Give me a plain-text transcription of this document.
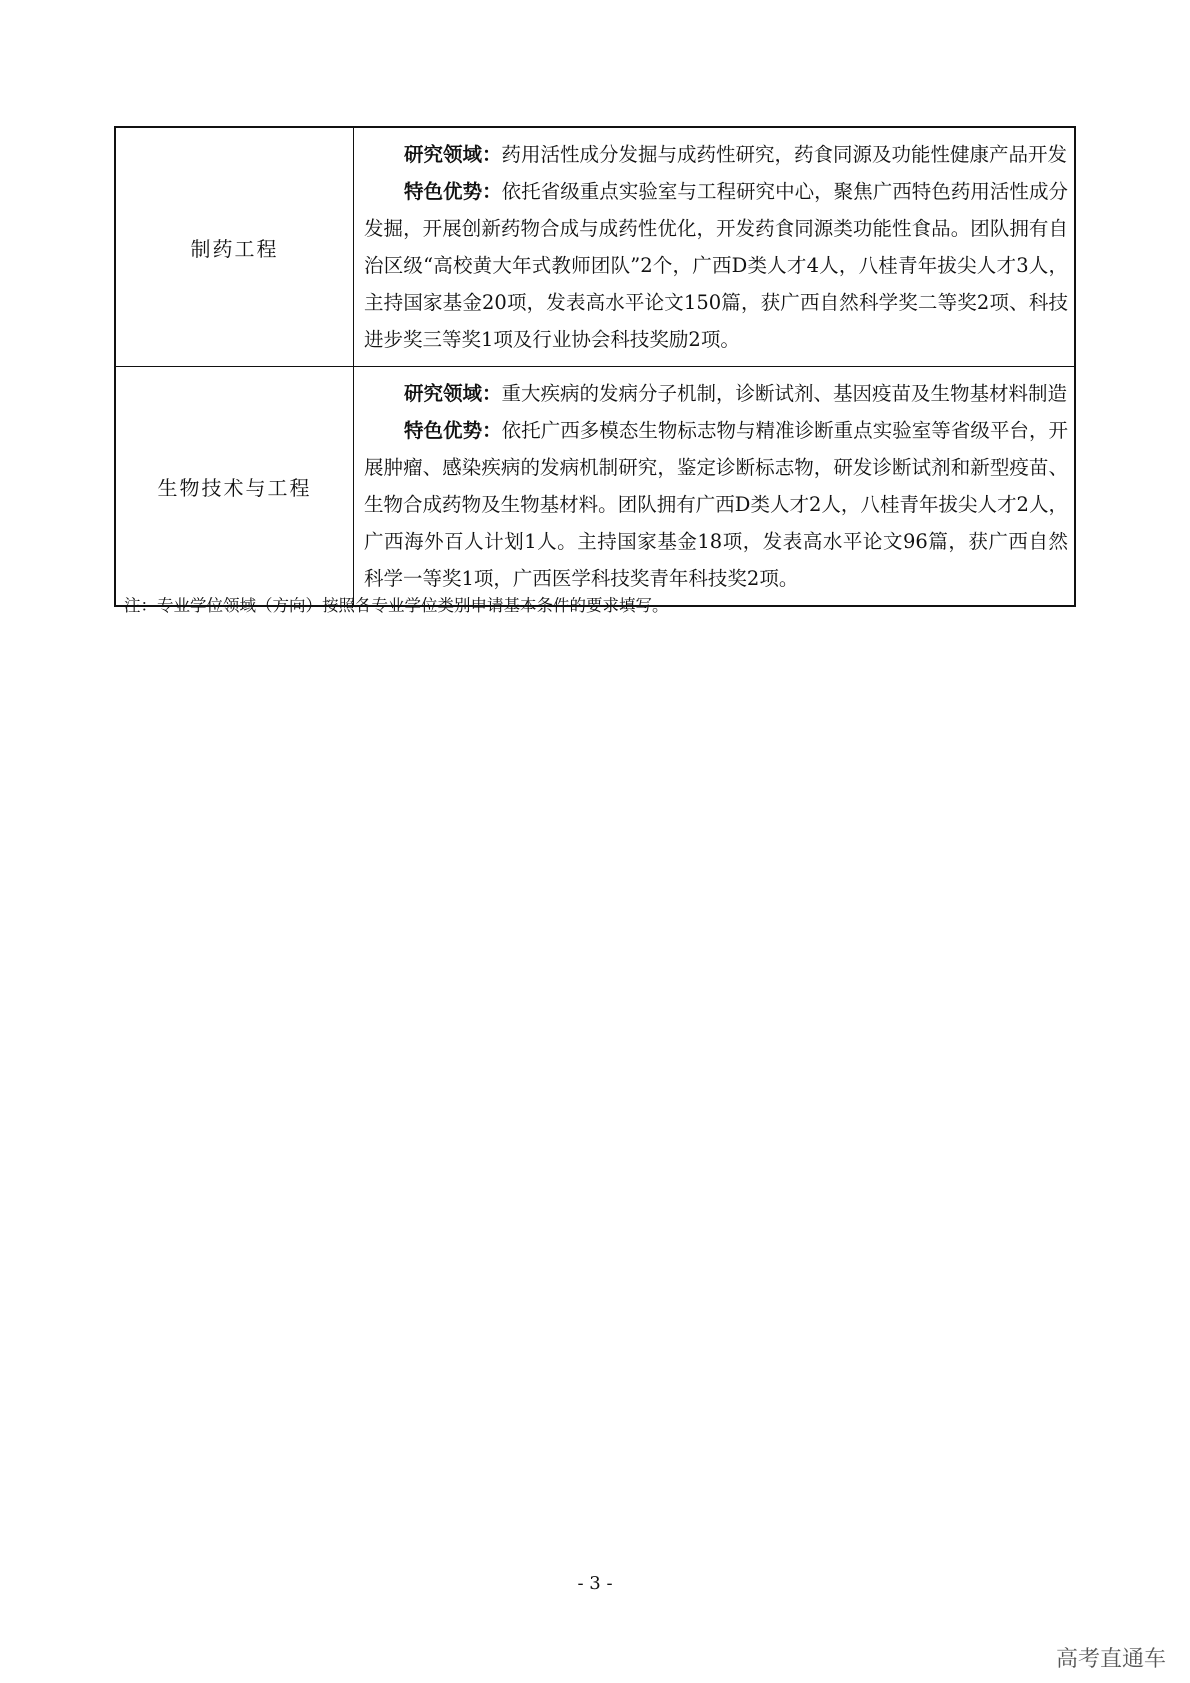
制药工程	研究领域：药用活性成分发掘与成药性研究，药食同源及功能性健康产品开发

特色优势：依托省级重点实验室与工程研究中心，聚焦广西特色药用活性成分发掘，开展创新药物合成与成药性优化，开发药食同源类功能性食品。团队拥有自治区级“高校黄大年式教师团队”2个，广西D类人才4人，八桂青年拔尖人才3人，主持国家基金20项，发表高水平论文150篇，获广西自然科学奖二等奖2项、科技进步奖三等奖1项及行业协会科技奖励2项。

生物技术与工程	研究领域：重大疾病的发病分子机制，诊断试剂、基因疫苗及生物基材料制造

特色优势：依托广西多模态生物标志物与精准诊断重点实验室等省级平台，开展肿瘤、感染疾病的发病机制研究，鉴定诊断标志物，研发诊断试剂和新型疫苗、生物合成药物及生物基材料。团队拥有广西D类人才2人，八桂青年拔尖人才2人，广西海外百人计划1人。主持国家基金18项，发表高水平论文96篇，获广西自然科学一等奖1项，广西医学科技奖青年科技奖2项。

注：专业学位领域（方向）按照各专业学位类别申请基本条件的要求填写。
- 3 -
高考直通车
